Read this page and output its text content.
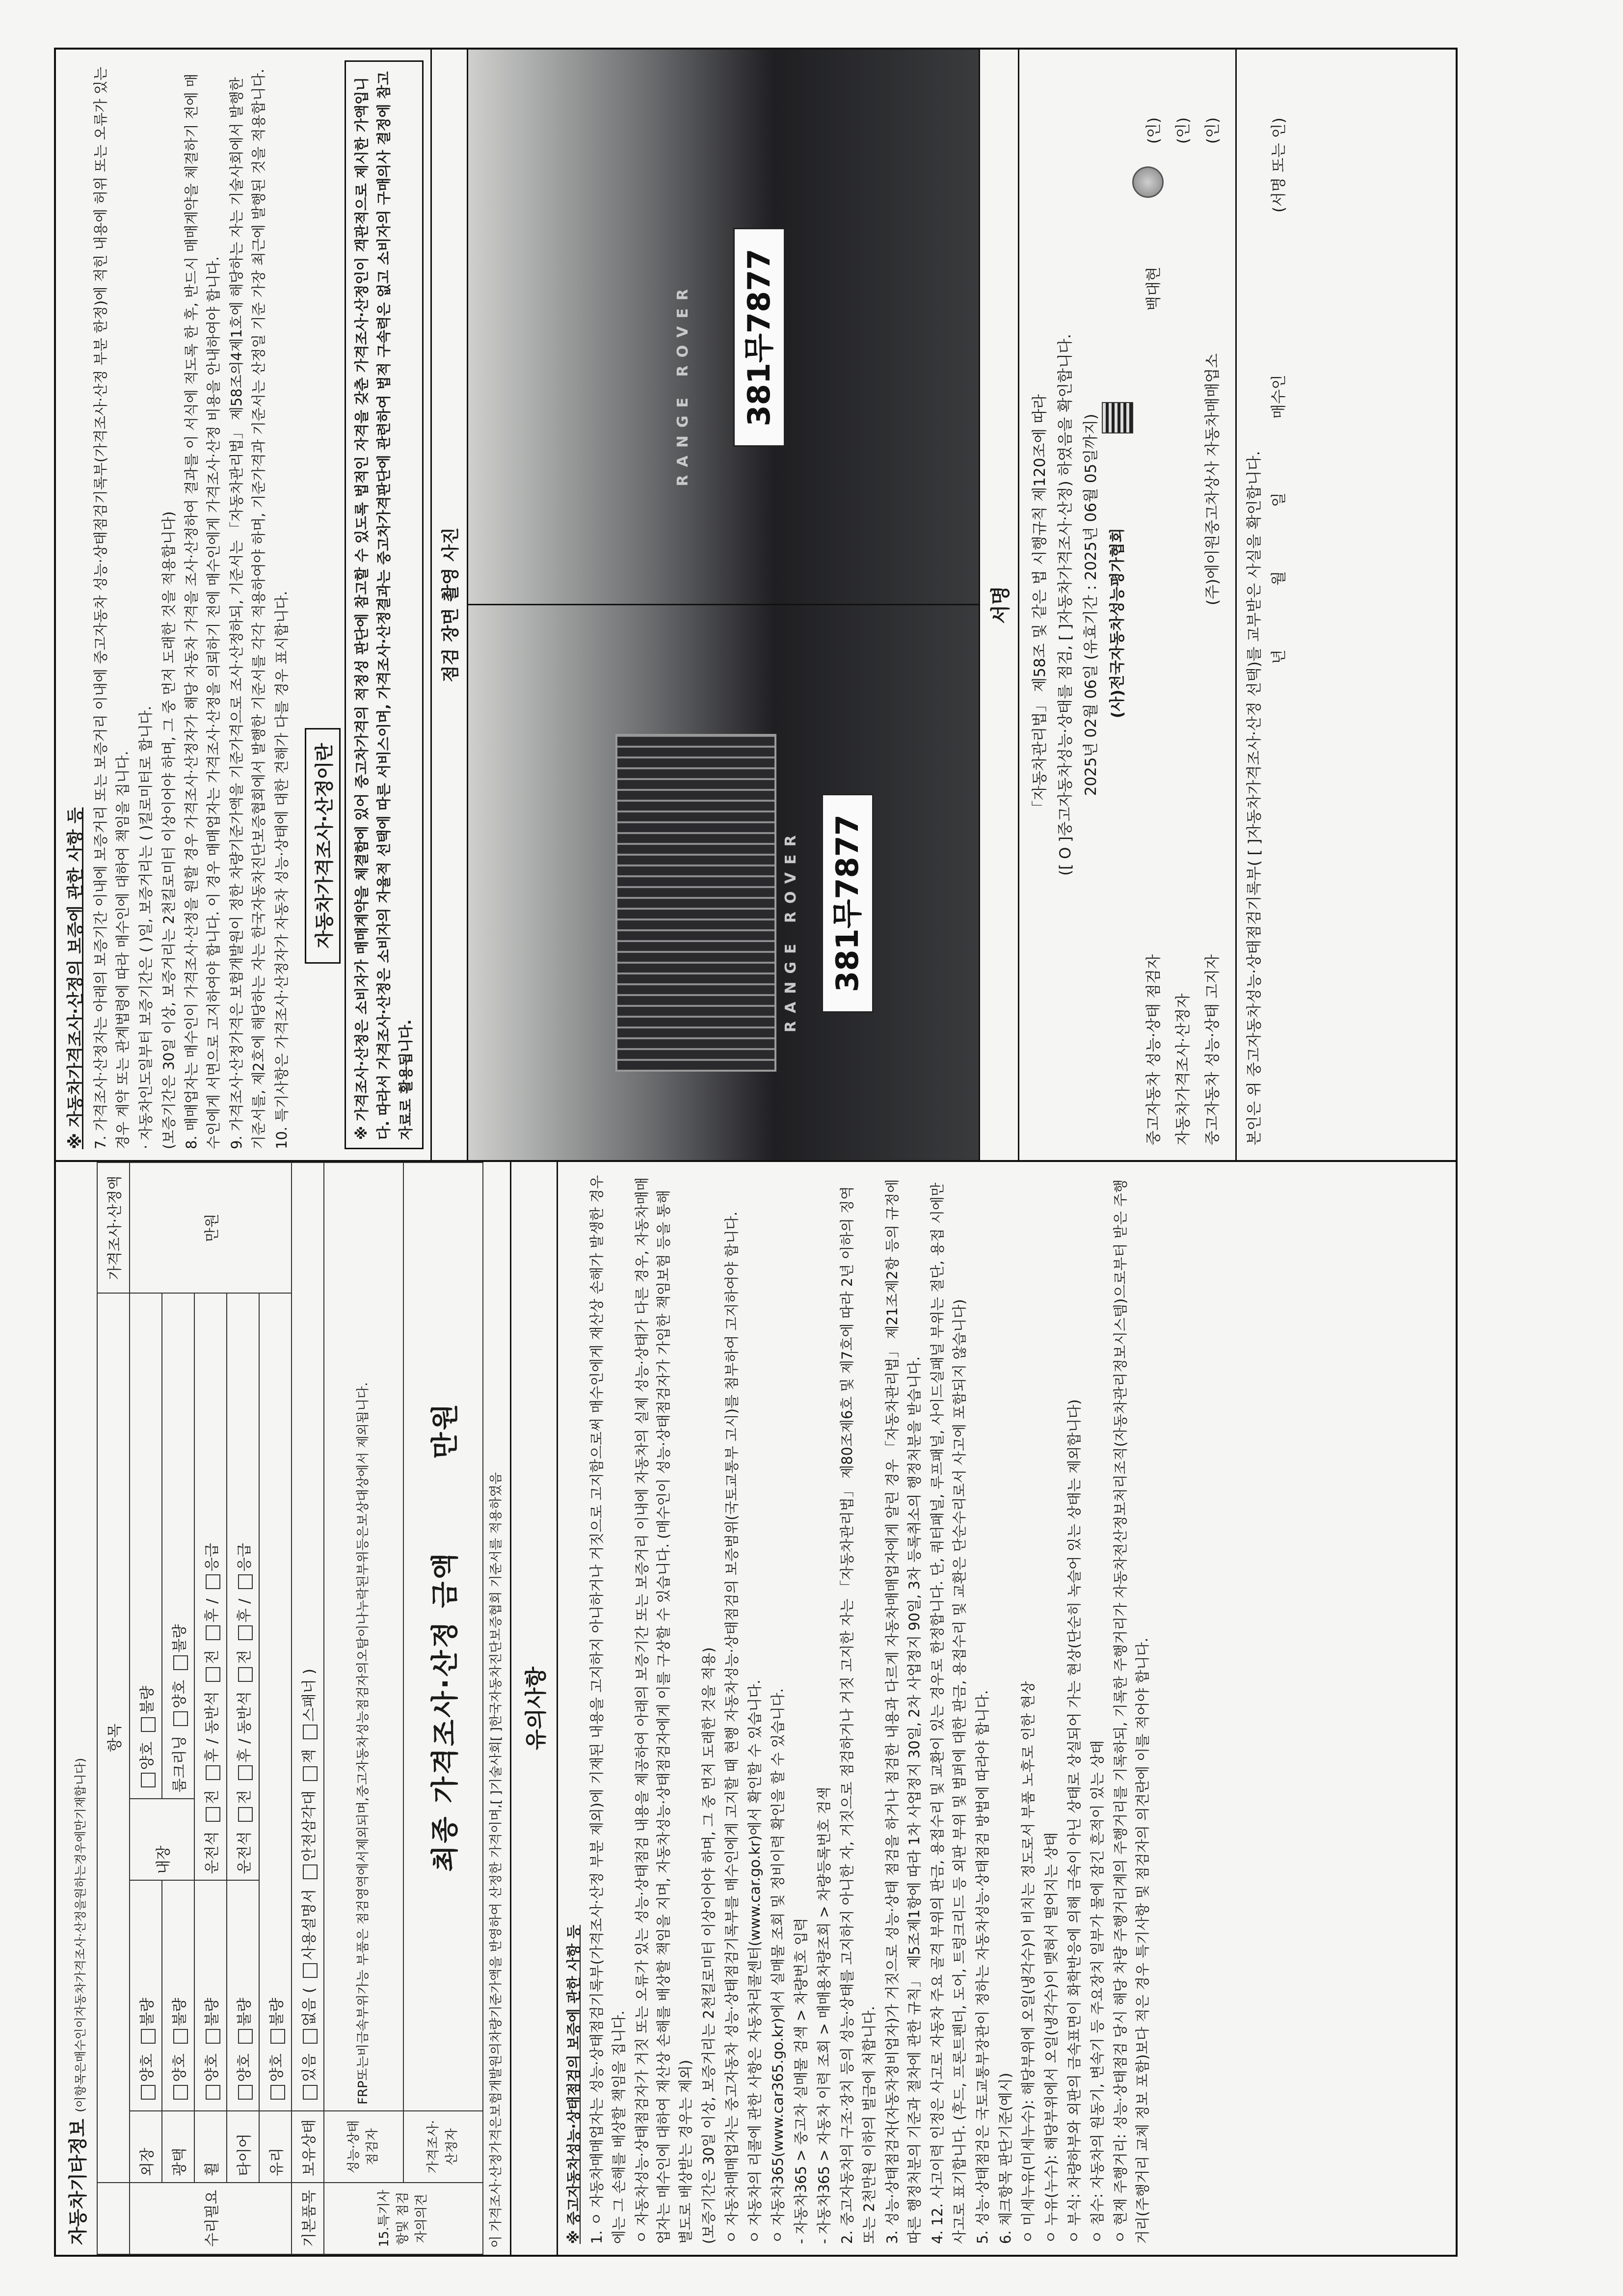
자동차기타정보 (이항목은매수인이자동차가격조사·산정을원하는경우에만기재합니다)
	항목				가격조사·산정액
수리필요	외장	양호 불량	내장	양호 불량	만원
	광택	양호 불량		룸크리닝 양호 불량	
	휠	양호 불량	운전석 전 후 / 동반석 전 후 / 응급		
	타이어	양호 불량	운전석 전 후 / 동반석 전 후 / 응급		
	유리	양호 불량			
기본품목	보유상태	있음 없음 ( 사용설명서 안전삼각대 잭 스패너 )			
15.특기사항및 점검자의의견	성능·상태 점검자	FRP또는비금속부위가능 부품은 점검영역에서제외되며,중고자동차성능점검자의오탐이나누락된부위등은보상대상에서 제외됩니다.			
	가격조사· 산정자	최종 가격조사·산정 금액        만원			
이 가격조사·산정가격은보험개발원의차량기준가액을 반영하여 산정한 가격이며,[ ]기술사회[ ]한국자동차진단보증협회 기준서를 적용하였음 유의사항

※ 중고자동차성능·상태점검의 보증에 관한 사항 등 1. ㅇ 자동차매매업자는 성능·상태점검기록부(가격조사·산정 부분 제외)에 기재된 내용을 고지하지 아니하거나 거짓으로 고지함으로써 매수인에게 재산상 손해가 발생한 경우에는 그 손해를 배상할 책임을 집니다. ㅇ 자동차성능·상태점검자가 거짓 또는 오류가 있는 성능·상태점검 내용을 제공하여 아래의 보증기간 또는 보증거리 이내에 자동차의 실제 성능·상태가 다른 경우, 자동차매매업자는 매수인에 대하여 재산상 손해를 배상할 책임을 지며, 자동차성능·상태점검자에게 이를 구상할 수 있습니다. (매수인이 성능·상태점검자가 가입한 책임보험 등을 통해 별도로 배상받는 경우는 제외) (보증기간은 30일 이상, 보증거리는 2천킬로미터 이상이어야 하며, 그 중 먼저 도래한 것을 적용) ㅇ 자동차매매업자는 중고자동차 성능·상태점검기록부를 매수인에게 고지할 때 현행 자동차성능·상태점검의 보증범위(국토교통부 고시)를 첨부하여 고지하여야 합니다. ㅇ 자동차의 리콜에 관한 사항은 자동차리콜센터(www.car.go.kr)에서 확인할 수 있습니다. ㅇ 자동차365(www.car365.go.kr)에서 실매물 조회 및 정비이력 확인을 할 수 있습니다. - 자동차365 > 중고차 실매물 검색 > 차량번호 입력 - 자동차365 > 자동차 이력 조회 > 매매용차량조회 > 차량등록번호 검색 2. 중고자동차의 구조·장치 등의 성능·상태를 고지하지 아니한 자, 거짓으로 점검하거나 거짓 고지한 자는 「자동차관리법」 제80조제6호 및 제7호에 따라 2년 이하의 징역 또는 2천만원 이하의 벌금에 처합니다. 3. 성능·상태점검자(자동차정비업자)가 거짓으로 성능·상태 점검을 하거나 점검한 내용과 다르게 자동차매매업자에게 알린 경우 「자동차관리법」 제21조제2항 등의 규정에 따른 행정처분의 기준과 절차에 관한 규칙」 제5조제1항에 따라 1차 사업정지 30일, 2차 사업정지 90일, 3차 등록취소의 행정처분을 받습니다. 4. 12. 사고이력 인정은 사고로 자동차 주요 골격 부위의 판금, 용접수리 및 교환이 있는 경우로 한정합니다. 단, 쿼터패널, 루프패널, 사이드실패널 부위는 절단, 용접 시에만 사고로 표기합니다. (후드, 프론트펜더, 도어, 트렁크리드 등 외판 부위 및 범퍼에 대한 판금, 용접수리 및 교환은 단순수리로서 사고에 포함되지 않습니다) 5. 성능·상태점검은 국토교통부장관이 정하는 자동차성능·상태점검 방법에 따라야 합니다. 6. 체크항목 판단기준(예시) ㅇ 미세누유(미세누수): 해당부위에 오일(냉각수)이 비치는 정도로서 부품 노후로 인한 현상 ㅇ 누유(누수): 해당부위에서 오일(냉각수)이 맺혀서 떨어지는 상태 ㅇ 부식: 차량하부와 외판의 금속표면이 화학반응에 의해 금속이 아닌 상태로 상실되어 가는 현상(단순히 녹슬어 있는 상태는 제외합니다) ㅇ 침수: 자동차의 원동기, 변속기 등 주요장치 일부가 물에 잠긴 흔적이 있는 상태 ㅇ 현재 주행거리: 성능·상태점검 당시 해당 차량 주행거리계의 주행거리를 기록하되, 기록한 주행거리가 자동차전산정보처리조직(자동차관리정보시스템)으로부터 받은 주행거리(주행거리 교체 정보 포함)보다 적은 경우 특기사항 및 점검자의 의견란에 이를 적어야 합니다.

※ 자동차가격조사·산정의 보증에 관한 사항 등 7. 가격조사·산정자는 아래의 보증기간 이내에 보증거리 또는 보증거리 이내에 중고자동차 성능·상태점검기록부(가격조사·산정 부분 한정)에 적힌 내용에 허위 또는 오류가 있는 경우 계약 또는 관계법령에 따라 매수인에 대하여 책임을 집니다. · 자동차인도일부터 보증기간은 ( )일, 보증거리는 ( )킬로미터로 합니다. (보증기간은 30일 이상, 보증거리는 2천킬로미터 이상이어야 하며, 그 중 먼저 도래한 것을 적용합니다) 8. 매매업자는 매수인이 가격조사·산정을 원할 경우 가격조사·산정자가 해당 자동차 가격을 조사·산정하여 결과를 이 서식에 적도록 한 후, 반드시 매매계약을 체결하기 전에 매수인에게 서면으로 고지하여야 합니다. 이 경우 매매업자는 가격조사·산정을 의뢰하기 전에 매수인에게 가격조사·산정 비용을 안내하여야 합니다. 9. 가격조사·산정가격은 보험개발원이 정한 차량기준가액을 기준가격으로 조사·산정하되, 기준서는 「자동차관리법」 제58조의4제1호에 해당하는 자는 기술사회에서 발행한 기준서를, 제2호에 해당하는 자는 한국자동차진단보증협회에서 발행한 기준서를 각각 적용하여야 하며, 기준가격과 기준서는 산정일 기준 가장 최근에 발행된 것을 적용합니다. 10. 특기사항은 가격조사·산정자가 자동차 성능·상태에 대한 견해가 다를 경우 표시합니다. 자동차가격조사·산정이란	※ 가격조사·산정은 소비자가 매매계약을 체결함에 있어 중고차가격의 적정성 판단에 참고할 수 있도록 법적인 자격을 갖춘 가격조사·산정인이 객관적으로 제시한 가액입니다. 따라서 가격조사·산정은 소비자의 자율적 선택에 따른 서비스이며, 가격조사·산정결과는 중고차가격판단에 관련하여 법적 구속력은 없고 소비자의 구매의사 결정에 참고자료로 활용됩니다.
점검 장면 촬영 사진
RANGE ROVER 381무7877
RANGE ROVER 381무7877
서명	「자동차관리법」 제58조 및 같은 법 시행규칙 제120조에 따라 ([ O ]중고자동차성능·상태를 점검, [ ]자동차가격조사·산정) 하였음을 확인합니다. 2025년 02월 06일 (유효기간 : 2025년 06월 05일까지) (사)전국자동차성능평가협회
중고자동차 성능·상태 점검자
백대현
(인)
자동차가격조사·산정자
(인)
중고자동차 성능·상태 고지자
(주)에이원중고차상사 자동차매매업소
(인)
본인은 위 중고자동차성능·상태점검기록부( [ ]자동차가격조사·산정 선택)를 교부받은 사실을 확인합니다. 년
월
일
매수인
(서명 또는 인)
